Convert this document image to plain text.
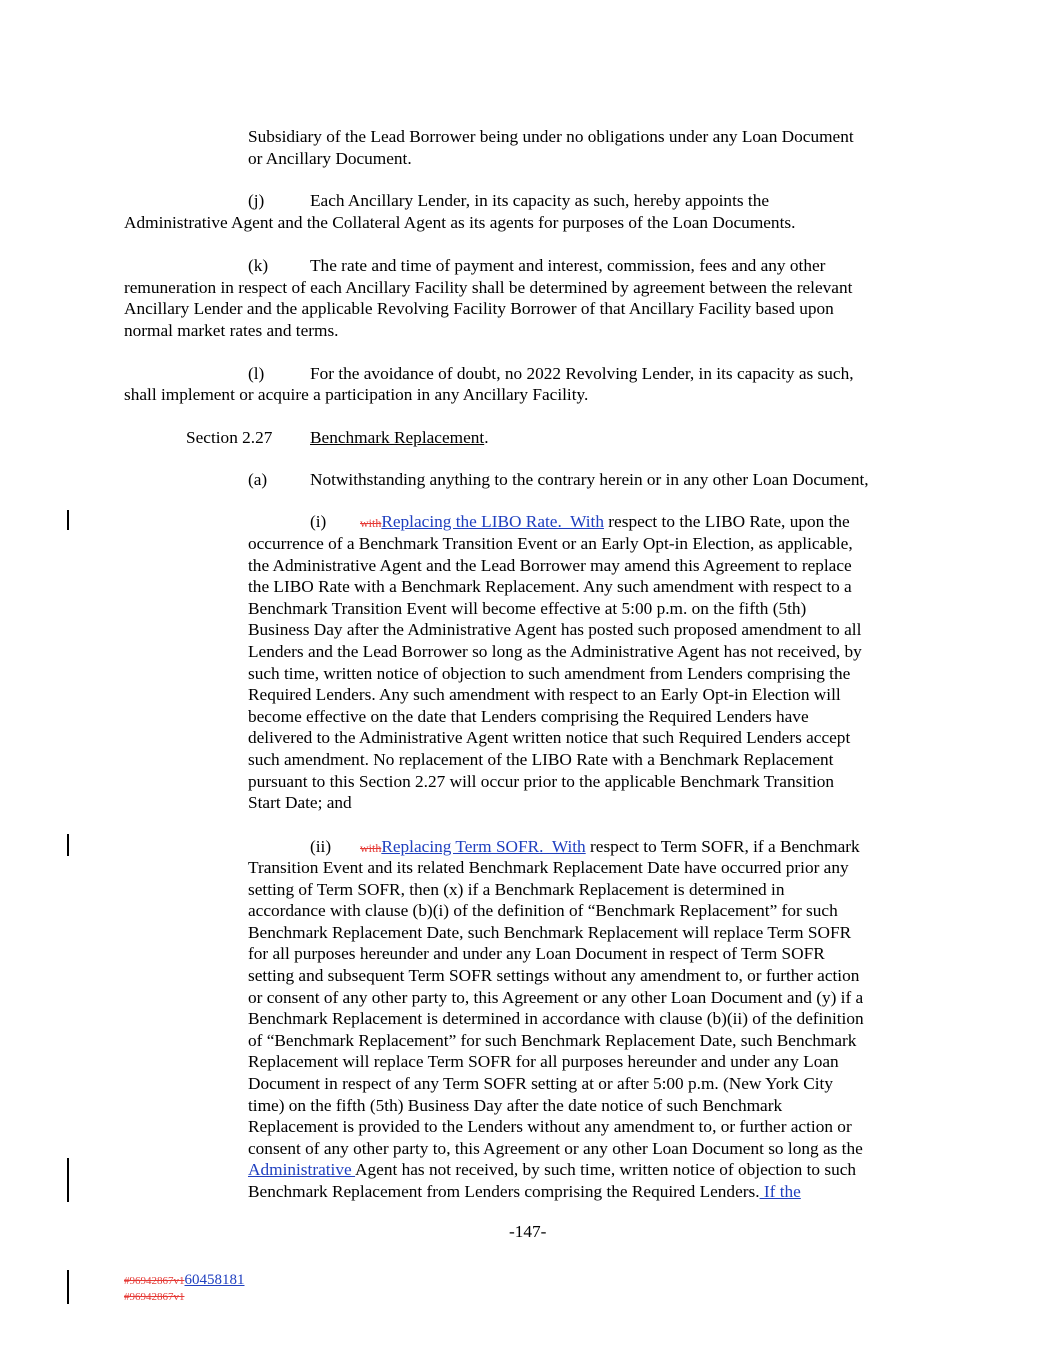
Subsidiary of the Lead Borrower being under no obligations under any Loan Document
or Ancillary Document.
(j)	Each Ancillary Lender, in its capacity as such, hereby appoints the
Administrative Agent and the Collateral Agent as its agents for purposes of the Loan Documents.
(k) The rate and time of payment and interest, commission, fees and any other
remuneration in respect of each Ancillary Facility shall be determined by agreement between the relevant
Ancillary Lender and the applicable Revolving Facility Borrower of that Ancillary Facility based upon
normal market rates and terms.
(l)	For the avoidance of doubt, no 2022 Revolving Lender, in its capacity as such,
shall implement or acquire a participation in any Ancillary Facility.
Section 2.27 Benchmark Replacement.
(a) Notwithstanding anything to the contrary herein or in any other Loan Document,
(i)	withReplacing the LIBO Rate.  With respect to the LIBO Rate, upon the
occurrence of a Benchmark Transition Event or an Early Opt-in Election, as applicable,
the Administrative Agent and the Lead Borrower may amend this Agreement to replace
the LIBO Rate with a Benchmark Replacement. Any such amendment with respect to a
Benchmark Transition Event will become effective at 5:00 p.m. on the fifth (5th)
Business Day after the Administrative Agent has posted such proposed amendment to all
Lenders and the Lead Borrower so long as the Administrative Agent has not received, by
such time, written notice of objection to such amendment from Lenders comprising the
Required Lenders. Any such amendment with respect to an Early Opt-in Election will
become effective on the date that Lenders comprising the Required Lenders have
delivered to the Administrative Agent written notice that such Required Lenders accept
such amendment. No replacement of the LIBO Rate with a Benchmark Replacement
pursuant to this Section 2.27 will occur prior to the applicable Benchmark Transition
Start Date; and
(ii) withReplacing Term SOFR.  With respect to Term SOFR, if a Benchmark
Transition Event and its related Benchmark Replacement Date have occurred prior any
setting of Term SOFR, then (x) if a Benchmark Replacement is determined in
accordance with clause (b)(i) of the definition of “Benchmark Replacement” for such
Benchmark Replacement Date, such Benchmark Replacement will replace Term SOFR
for all purposes hereunder and under any Loan Document in respect of Term SOFR
setting and subsequent Term SOFR settings without any amendment to, or further action
or consent of any other party to, this Agreement or any other Loan Document and (y) if a
Benchmark Replacement is determined in accordance with clause (b)(ii) of the definition
of “Benchmark Replacement” for such Benchmark Replacement Date, such Benchmark
Replacement will replace Term SOFR for all purposes hereunder and under any Loan
Document in respect of any Term SOFR setting at or after 5:00 p.m. (New York City
time) on the fifth (5th) Business Day after the date notice of such Benchmark
Replacement is provided to the Lenders without any amendment to, or further action or
consent of any other party to, this Agreement or any other Loan Document so long as the
Administrative Agent has not received, by such time, written notice of objection to such
Benchmark Replacement from Lenders comprising the Required Lenders. If the
-147-
#96942867v160458181
#96942867v1
